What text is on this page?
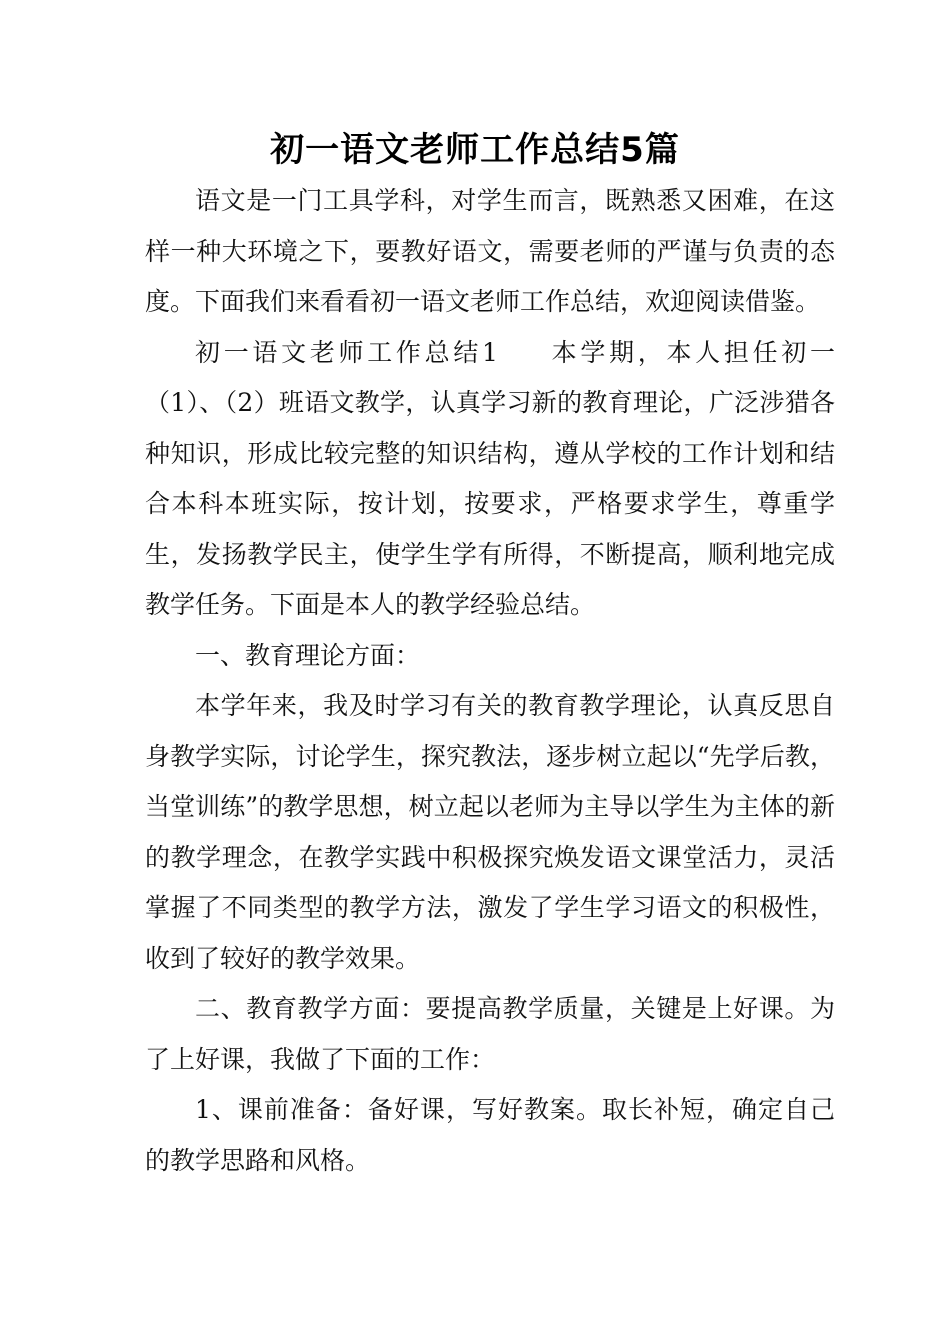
初一语文老师工作总结5篇

语文是一门工具学科，对学生而言，既熟悉又困难，在这样一种大环境之下，要教好语文，需要老师的严谨与负责的态度。下面我们来看看初一语文老师工作总结，欢迎阅读借鉴。

初一语文老师工作总结1 本学期，本人担任初一（1）、（2）班语文教学，认真学习新的教育理论，广泛涉猎各种知识，形成比较完整的知识结构，遵从学校的工作计划和结合本科本班实际，按计划，按要求，严格要求学生，尊重学生，发扬教学民主，使学生学有所得，不断提高，顺利地完成教学任务。下面是本人的教学经验总结。

一、教育理论方面：

本学年来，我及时学习有关的教育教学理论，认真反思自身教学实际，讨论学生，探究教法，逐步树立起以“先学后教，当堂训练”的教学思想，树立起以老师为主导以学生为主体的新的教学理念，在教学实践中积极探究焕发语文课堂活力，灵活掌握了不同类型的教学方法，激发了学生学习语文的积极性，收到了较好的教学效果。

二、教育教学方面：要提高教学质量，关键是上好课。为了上好课，我做了下面的工作：

1、课前准备：备好课，写好教案。取长补短，确定自己的教学思路和风格。
